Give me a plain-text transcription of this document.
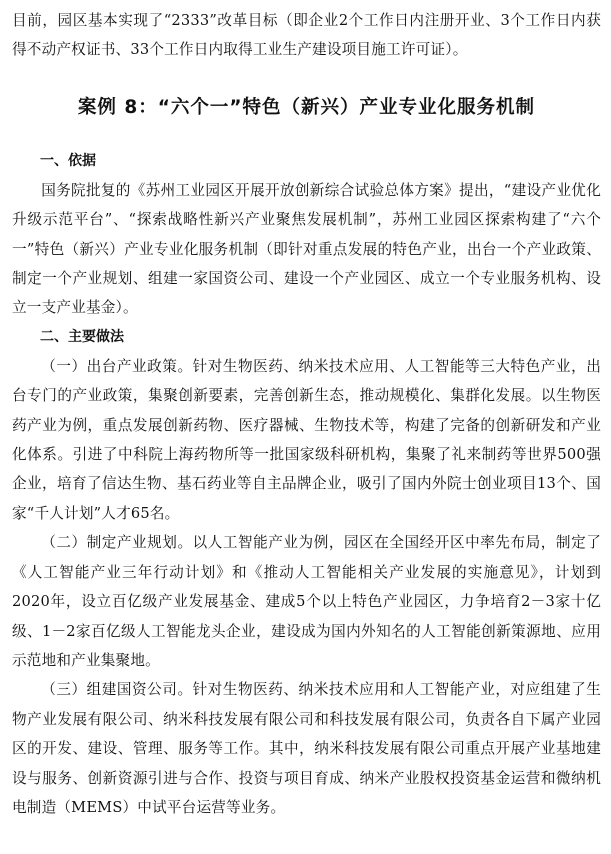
目前，园区基本实现了“2333”改革目标（即企业2个工作日内注册开业、3个工作日内获得不动产权证书、33个工作日内取得工业生产建设项目施工许可证）。

案例 8：“六个一”特色（新兴）产业专业化服务机制
一、依据

国务院批复的《苏州工业园区开展开放创新综合试验总体方案》提出，“建设产业优化升级示范平台”、“探索战略性新兴产业聚焦发展机制”，苏州工业园区探索构建了“六个一”特色（新兴）产业专业化服务机制（即针对重点发展的特色产业，出台一个产业政策、制定一个产业规划、组建一家国资公司、建设一个产业园区、成立一个专业服务机构、设立一支产业基金）。

二、主要做法

（一）出台产业政策。针对生物医药、纳米技术应用、人工智能等三大特色产业，出台专门的产业政策，集聚创新要素，完善创新生态，推动规模化、集群化发展。以生物医药产业为例，重点发展创新药物、医疗器械、生物技术等，构建了完备的创新研发和产业化体系。引进了中科院上海药物所等一批国家级科研机构，集聚了礼来制药等世界500强企业，培育了信达生物、基石药业等自主品牌企业，吸引了国内外院士创业项目13个、国家“千人计划”人才65名。

（二）制定产业规划。以人工智能产业为例，园区在全国经开区中率先布局，制定了《人工智能产业三年行动计划》和《推动人工智能相关产业发展的实施意见》，计划到2020年，设立百亿级产业发展基金、建成5个以上特色产业园区，力争培育2－3家十亿级、1－2家百亿级人工智能龙头企业，建设成为国内外知名的人工智能创新策源地、应用示范地和产业集聚地。

（三）组建国资公司。针对生物医药、纳米技术应用和人工智能产业，对应组建了生物产业发展有限公司、纳米科技发展有限公司和科技发展有限公司，负责各自下属产业园区的开发、建设、管理、服务等工作。其中，纳米科技发展有限公司重点开展产业基地建设与服务、创新资源引进与合作、投资与项目育成、纳米产业股权投资基金运营和微纳机电制造（MEMS）中试平台运营等业务。
